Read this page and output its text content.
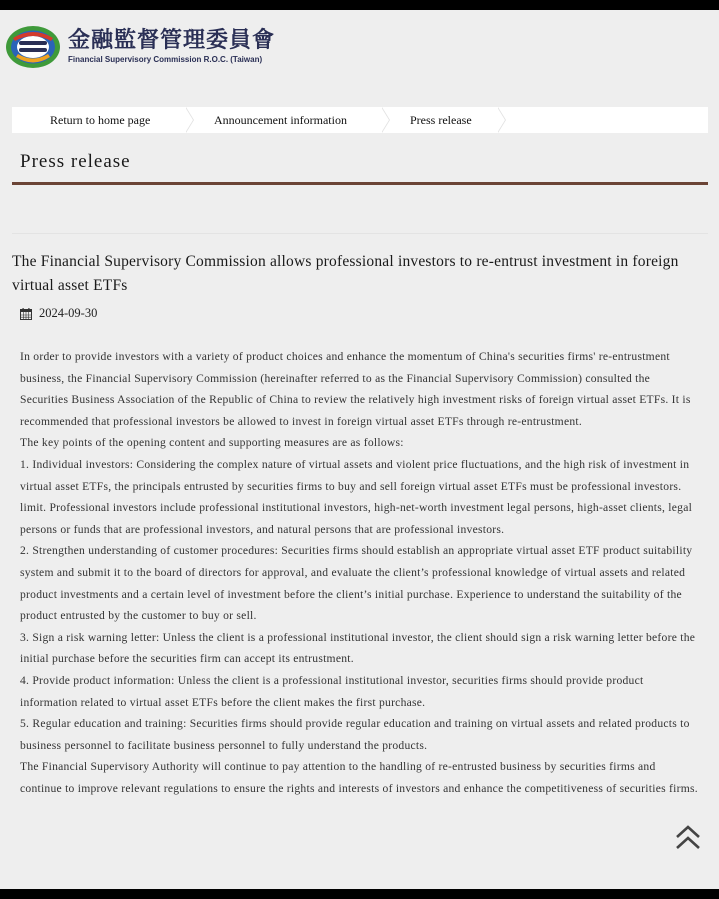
金融監督管理委員會
Financial Supervisory Commission R.O.C. (Taiwan)
Return to home page	Announcement information	Press release
Press release
The Financial Supervisory Commission allows professional investors to re-entrust investment in foreign virtual asset ETFs
2024-09-30

In order to provide investors with a variety of product choices and enhance the momentum of China's securities firms' re-entrustment business, the Financial Supervisory Commission (hereinafter referred to as the Financial Supervisory Commission) consulted the Securities Business Association of the Republic of China to review the relatively high investment risks of foreign virtual asset ETFs. It is recommended that professional investors be allowed to invest in foreign virtual asset ETFs through re-entrustment.

The key points of the opening content and supporting measures are as follows:

1. Individual investors: Considering the complex nature of virtual assets and violent price fluctuations, and the high risk of investment in virtual asset ETFs, the principals entrusted by securities firms to buy and sell foreign virtual asset ETFs must be professional investors. limit. Professional investors include professional institutional investors, high-net-worth investment legal persons, high-asset clients, legal persons or funds that are professional investors, and natural persons that are professional investors.

2. Strengthen understanding of customer procedures: Securities firms should establish an appropriate virtual asset ETF product suitability system and submit it to the board of directors for approval, and evaluate the client’s professional knowledge of virtual assets and related product investments and a certain level of investment before the client’s initial purchase. Experience to understand the suitability of the product entrusted by the customer to buy or sell.

3. Sign a risk warning letter: Unless the client is a professional institutional investor, the client should sign a risk warning letter before the initial purchase before the securities firm can accept its entrustment.

4. Provide product information: Unless the client is a professional institutional investor, securities firms should provide product information related to virtual asset ETFs before the client makes the first purchase.

5. Regular education and training: Securities firms should provide regular education and training on virtual assets and related products to business personnel to facilitate business personnel to fully understand the products.

The Financial Supervisory Authority will continue to pay attention to the handling of re-entrusted business by securities firms and continue to improve relevant regulations to ensure the rights and interests of investors and enhance the competitiveness of securities firms.
